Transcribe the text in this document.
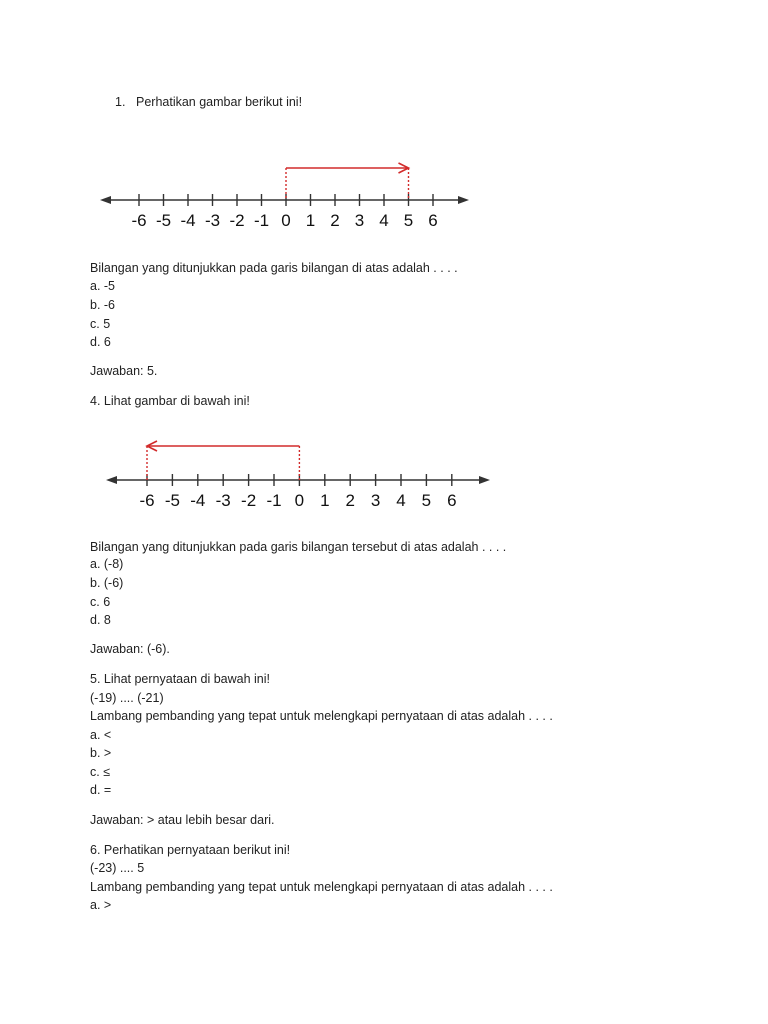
1. Perhatikan gambar berikut ini!
-6 -5 -4 -3 -2 -1 0 1 2 3 4 5 6
Bilangan yang ditunjukkan pada garis bilangan di atas adalah . . . .
a. -5
b. -6
c. 5
d. 6
Jawaban: 5.
4. Lihat gambar di bawah ini!
-6 -5 -4 -3 -2 -1 0 1 2 3 4 5 6
Bilangan yang ditunjukkan pada garis bilangan tersebut di atas adalah . . . .
a. (-8)
b. (-6)
c. 6
d. 8
Jawaban: (-6).
5. Lihat pernyataan di bawah ini!
(-19) .... (-21)
Lambang pembanding yang tepat untuk melengkapi pernyataan di atas adalah . . . .
a. <
b. >
c. ≤
d. =
Jawaban: > atau lebih besar dari.
6. Perhatikan pernyataan berikut ini!
(-23) .... 5
Lambang pembanding yang tepat untuk melengkapi pernyataan di atas adalah . . . .
a. >
